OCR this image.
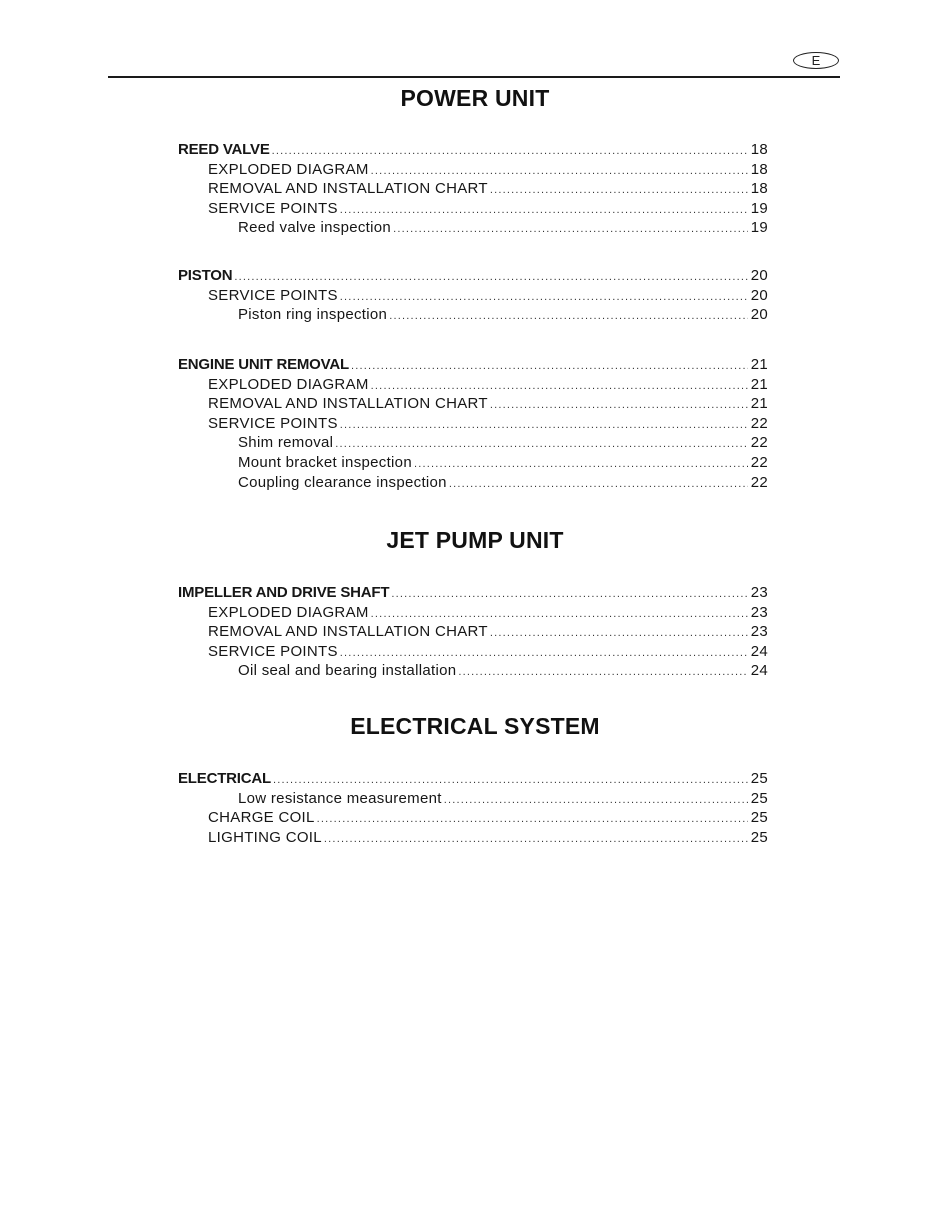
E
POWER UNIT
REED VALVE .....	18
EXPLODED DIAGRAM .....	18
REMOVAL AND INSTALLATION CHART .....	18
SERVICE POINTS .....	19
Reed valve inspection .....	19
PISTON .....	20
SERVICE POINTS .....	20
Piston ring inspection .....	20
ENGINE UNIT REMOVAL .....	21
EXPLODED DIAGRAM .....	21
REMOVAL AND INSTALLATION CHART .....	21
SERVICE POINTS .....	22
Shim removal .....	22
Mount bracket inspection .....	22
Coupling clearance inspection .....	22
JET PUMP UNIT
IMPELLER AND DRIVE SHAFT .....	23
EXPLODED DIAGRAM .....	23
REMOVAL AND INSTALLATION CHART .....	23
SERVICE POINTS .....	24
Oil seal and bearing installation .....	24
ELECTRICAL SYSTEM
ELECTRICAL .....	25
Low resistance measurement .....	25
CHARGE COIL .....	25
LIGHTING COIL .....	25
